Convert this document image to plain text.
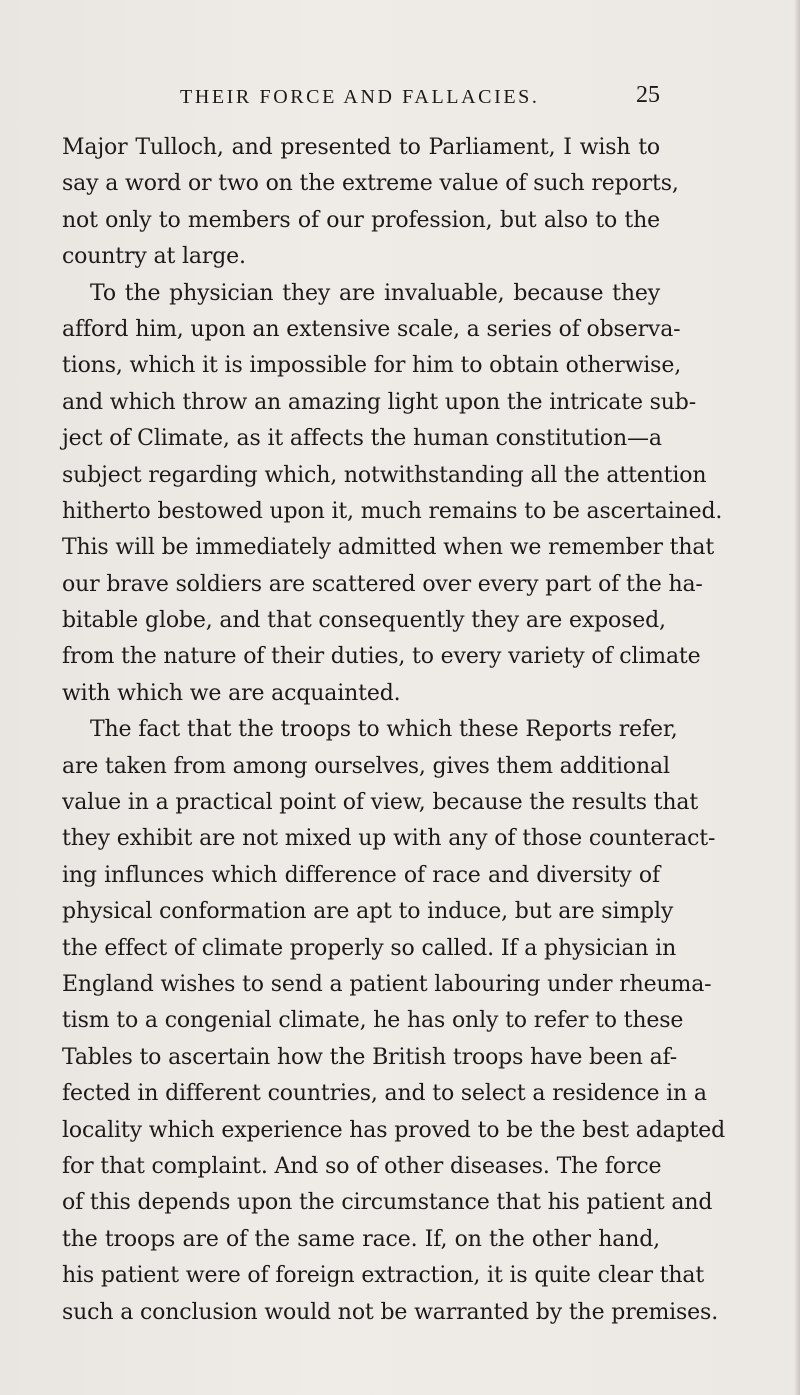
THEIR FORCE AND FALLACIES.	25
Major Tulloch, and presented to Parliament, I wish to
say a word or two on the extreme value of such reports,
not only to members of our profession, but also to the
country at large.
To the physician they are invaluable, because they
afford him, upon an extensive scale, a series of observa-
tions, which it is impossible for him to obtain otherwise,
and which throw an amazing light upon the intricate sub-
ject of Climate, as it affects the human constitution—a
subject regarding which, notwithstanding all the attention
hitherto bestowed upon it, much remains to be ascertained.
This will be immediately admitted when we remember that
our brave soldiers are scattered over every part of the ha-
bitable globe, and that consequently they are exposed,
from the nature of their duties, to every variety of climate
with which we are acquainted.
The fact that the troops to which these Reports refer,
are taken from among ourselves, gives them additional
value in a practical point of view, because the results that
they exhibit are not mixed up with any of those counteract-
ing influnces which difference of race and diversity of
physical conformation are apt to induce, but are simply
the effect of climate properly so called. If a physician in
England wishes to send a patient labouring under rheuma-
tism to a congenial climate, he has only to refer to these
Tables to ascertain how the British troops have been af-
fected in different countries, and to select a residence in a
locality which experience has proved to be the best adapted
for that complaint. And so of other diseases. The force
of this depends upon the circumstance that his patient and
the troops are of the same race. If, on the other hand,
his patient were of foreign extraction, it is quite clear that
such a conclusion would not be warranted by the premises.
